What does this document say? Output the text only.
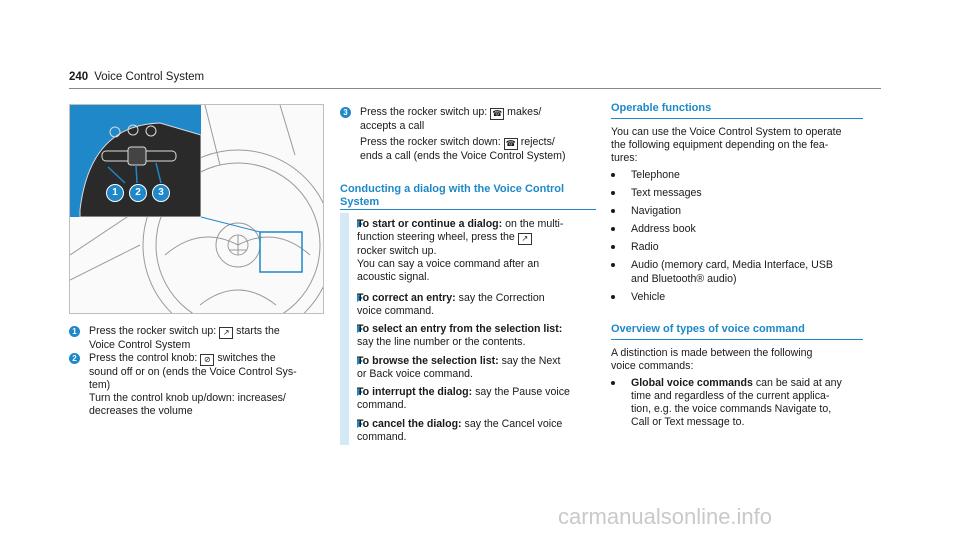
240 Voice Control System
1	2	3
1	Press the rocker switch up: ↗ starts the
Voice Control System
2	Press the control knob: ⊘ switches the
sound off or on (ends the Voice Control Sys-
tem)
Turn the control knob up/down: increases/
decreases the volume
3	Press the rocker switch up: ☎ makes/
accepts a call
Press the rocker switch down: ☎ rejects/
ends a call (ends the Voice Control System)
Conducting a dialog with the Voice Control
System
To start or continue a dialog: on the multi-
function steering wheel, press the ↗
rocker switch up.
You can say a voice command after an
acoustic signal.
To correct an entry: say the Correction
voice command.
To select an entry from the selection list:
say the line number or the contents.
To browse the selection list: say the Next
or Back voice command.
To interrupt the dialog: say the Pause voice
command.
To cancel the dialog: say the Cancel voice
command.
Operable functions
You can use the Voice Control System to operate
the following equipment depending on the fea-
tures:
Telephone
Text messages
Navigation
Address book
Radio
Audio (memory card, Media Interface, USB
and Bluetooth® audio)
Vehicle
Overview of types of voice command
A distinction is made between the following
voice commands:
Global voice commands can be said at any
time and regardless of the current applica-
tion, e.g. the voice commands Navigate to,
Call or Text message to.
carmanualsonline.info
